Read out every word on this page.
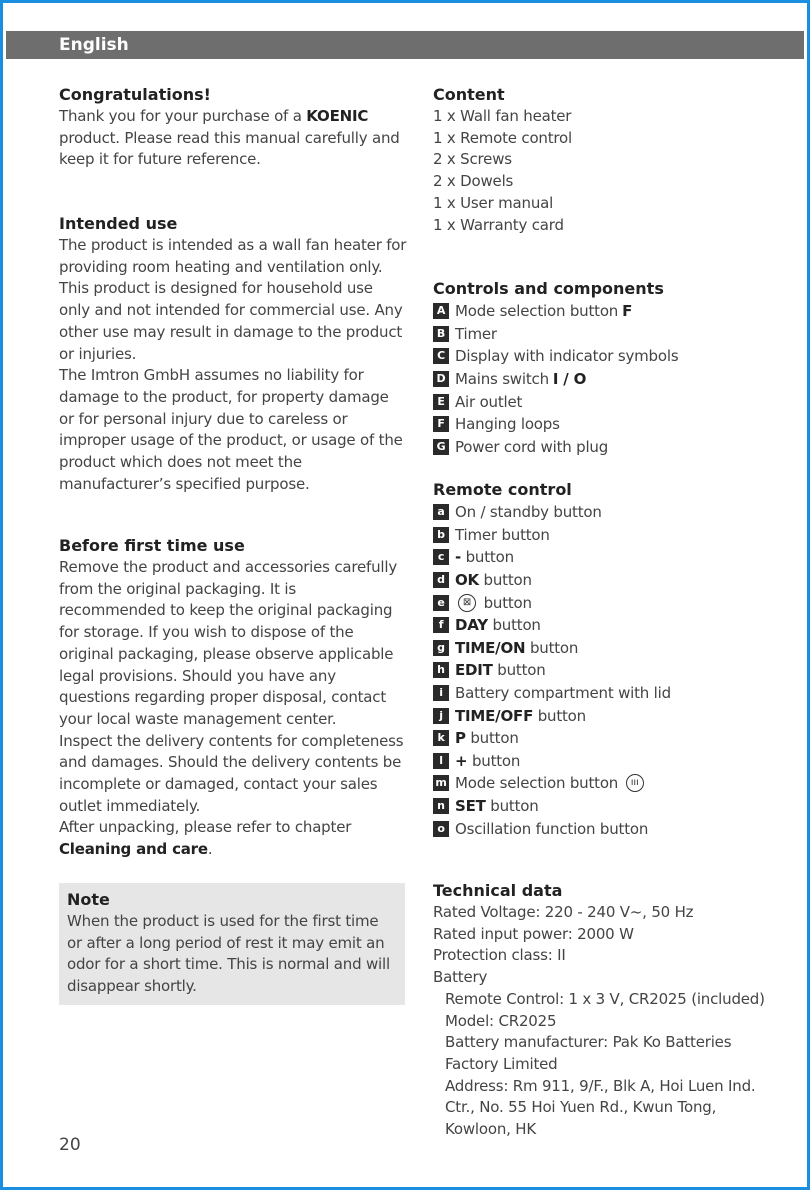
English
Congratulations!

Thank you for your purchase of a KOENIC product. Please read this manual carefully and keep it for future reference.

Intended use

The product is intended as a wall fan heater for providing room heating and ventilation only. This product is designed for household use only and not intended for commercial use. Any other use may result in damage to the product or injuries.

The Imtron GmbH assumes no liability for damage to the product, for property damage or for personal injury due to careless or improper usage of the product, or usage of the product which does not meet the manufacturer’s specified purpose.

Before first time use

Remove the product and accessories carefully from the original packaging. It is recommended to keep the original packaging for storage. If you wish to dispose of the original packaging, please observe applicable legal provisions. Should you have any questions regarding proper disposal, contact your local waste management center.

Inspect the delivery contents for completeness and damages. Should the delivery contents be incomplete or damaged, contact your sales outlet immediately.

After unpacking, please refer to chapter
Cleaning and care.

Note

When the product is used for the first time or after a long period of rest it may emit an odor for a short time. This is normal and will disappear shortly.

Content
1 x Wall fan heater
1 x Remote control
2 x Screws
2 x Dowels
1 x User manual
1 x Warranty card
Controls and components
A Mode selection button F
B Timer
C Display with indicator symbols
D Mains switch I / O
E Air outlet
F Hanging loops
G Power cord with plug
Remote control
a On / standby button
b Timer button
c - button
d OK button
e	⊠ button
f DAY button
g TIME/ON button
h EDIT button
i Battery compartment with lid
j TIME/OFF button
k P button
l + button
m Mode selection button ııı
n SET button
o Oscillation function button
Technical data
Rated Voltage: 220 - 240 V~, 50 Hz
Rated input power: 2000 W
Protection class: II
Battery
Remote Control: 1 x 3 V, CR2025 (included)
Model: CR2025
Battery manufacturer: Pak Ko Batteries Factory Limited
Address: Rm 911, 9/F., Blk A, Hoi Luen Ind. Ctr., No. 55 Hoi Yuen Rd., Kwun Tong, Kowloon, HK
20
